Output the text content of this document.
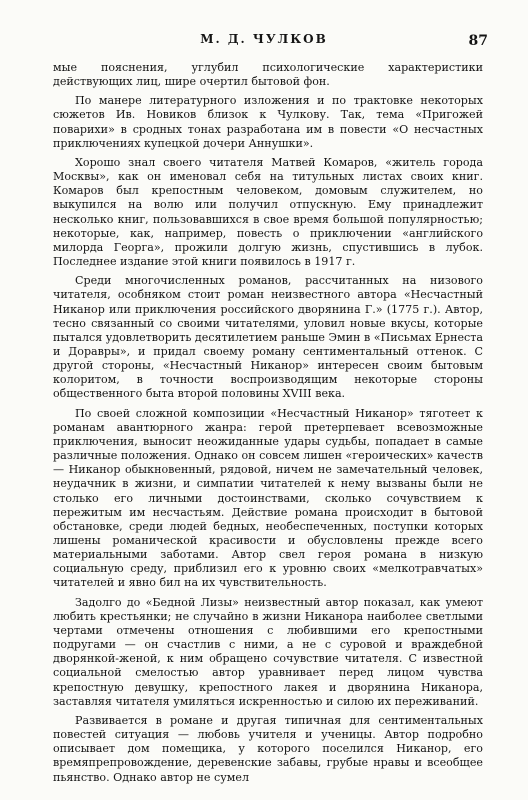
М. Д. ЧУЛКОВ	87

мые пояснения, углубил психологические характеристики действующих лиц, шире очертил бытовой фон.

По манере литературного изложения и по трактовке некоторых сюжетов Ив. Новиков близок к Чулкову. Так, тема «Пригожей поварихи» в сродных тонах разработана им в повести «О несчастных приключениях купецкой дочери Аннушки».

Хорошо знал своего читателя Матвей Комаров, «житель города Москвы», как он именовал себя на титульных листах своих книг. Комаров был крепостным человеком, домовым служителем, но выкупился на волю или получил отпускную. Ему принадлежит несколько книг, пользовавшихся в свое время большой популярностью; некоторые, как, например, повесть о приключении «английского милорда Георга», прожили долгую жизнь, спустившись в лубок. Последнее издание этой книги появилось в 1917 г.

Среди многочисленных романов, рассчитанных на низового читателя, особняком стоит роман неизвестного автора «Несчастный Никанор или приключения российского дворянина Г.» (1775 г.). Автор, тесно связанный со своими читателями, уловил новые вкусы, которые пытался удовлетворить десятилетием раньше Эмин в «Письмах Ернеста и Доравры», и придал своему роману сентиментальный оттенок. С другой стороны, «Несчастный Никанор» интересен своим бытовым колоритом, в точности воспроизводящим некоторые стороны общественного быта второй половины XVIII века.

По своей сложной композиции «Несчастный Никанор» тяготеет к романам авантюрного жанра: герой претерпевает всевозможные приключения, выносит неожиданные удары судьбы, попадает в самые различные положения. Однако он совсем лишен «героических» качеств — Никанор обыкновенный, рядовой, ничем не замечательный человек, неудачник в жизни, и симпатии читателей к нему вызваны были не столько его личными достоинствами, сколько сочувствием к пережитым им несчастьям. Действие романа происходит в бытовой обстановке, среди людей бедных, необеспеченных, поступки которых лишены романической красивости и обусловлены прежде всего материальными заботами. Автор свел героя романа в низкую социальную среду, приблизил его к уровню своих «мелкотравчатых» читателей и явно бил на их чувствительность.

Задолго до «Бедной Лизы» неизвестный автор показал, как умеют любить крестьянки; не случайно в жизни Никанора наиболее светлыми чертами отмечены отношения с любившими его крепостными подругами — он счастлив с ними, а не с суровой и враждебной дворянкой-женой, к ним обращено сочувствие читателя. С известной социальной смелостью автор уравнивает перед лицом чувства крепостную девушку, крепостного лакея и дворянина Никанора, заставляя читателя умиляться искренностью и силою их переживаний.

Развивается в романе и другая типичная для сентиментальных повестей ситуация — любовь учителя и ученицы. Автор подробно описывает дом помещика, у которого поселился Никанор, его времяпрепровождение, деревенские забавы, грубые нравы и всеобщее пьянство. Однако автор не сумел
